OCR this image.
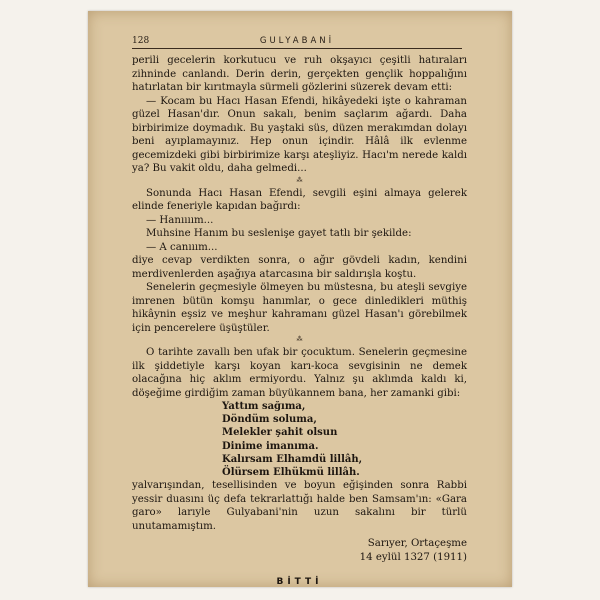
128	GULYABANİ

perili gecelerin korkutucu ve ruh okşayıcı çeşitli hatıraları zihninde canlandı. Derin derin, gerçekten gençlik hoppalığını hatırlatan bir kırıtmayla sürmeli gözlerini süzerek devam etti:

— Kocam bu Hacı Hasan Efendi, hikâyedeki işte o kahraman güzel Hasan'dır. Onun sakalı, benim saçlarım ağardı. Daha birbirimize doymadık. Bu yaştaki süs, düzen merakımdan dolayı beni ayıplamayınız. Hep onun içindir. Hâlâ ilk evlenme gecemizdeki gibi birbirimize karşı ateşliyiz. Hacı'm nerede kaldı ya? Bu vakit oldu, daha gelmedi...

⁂

Sonunda Hacı Hasan Efendi, sevgili eşini almaya gelerek elinde feneriyle kapıdan bağırdı:

— Hanıııım...

Muhsine Hanım bu seslenişe gayet tatlı bir şekilde:

— A canııım...

diye cevap verdikten sonra, o ağır gövdeli kadın, kendini merdivenlerden aşağıya atarcasına bir saldırışla koştu.

Senelerin geçmesiyle ölmeyen bu müstesna, bu ateşli sevgiye imrenen bütün komşu hanımlar, o gece dinledikleri müthiş hikâynin eşsiz ve meşhur kahramanı güzel Hasan'ı görebilmek için pencerelere üşüştüler.

⁂

O tarihte zavallı ben ufak bir çocuktum. Senelerin geçmesine ilk şiddetiyle karşı koyan karı-koca sevgisinin ne demek olacağına hiç aklım ermiyordu. Yalnız şu aklımda kaldı ki, döşeğime girdiğim zaman büyükannem bana, her zamanki gibi:

Yattım sağıma,
Döndüm soluma,
Melekler şahit olsun
Dinime imanıma.
Kalırsam Elhamdü lillâh,
Ölürsem Elhükmü lillâh.

yalvarışından, tesellisinden ve boyun eğişinden sonra Rabbi yessir duasını üç defa tekrarlattığı halde ben Samsam'ın: «Gara garo» larıyle Gulyabani'nin uzun sakalını bir türlü unutamamıştım.

Sarıyer, Ortaçeşme
14 eylül 1327 (1911)
BİTTİ
